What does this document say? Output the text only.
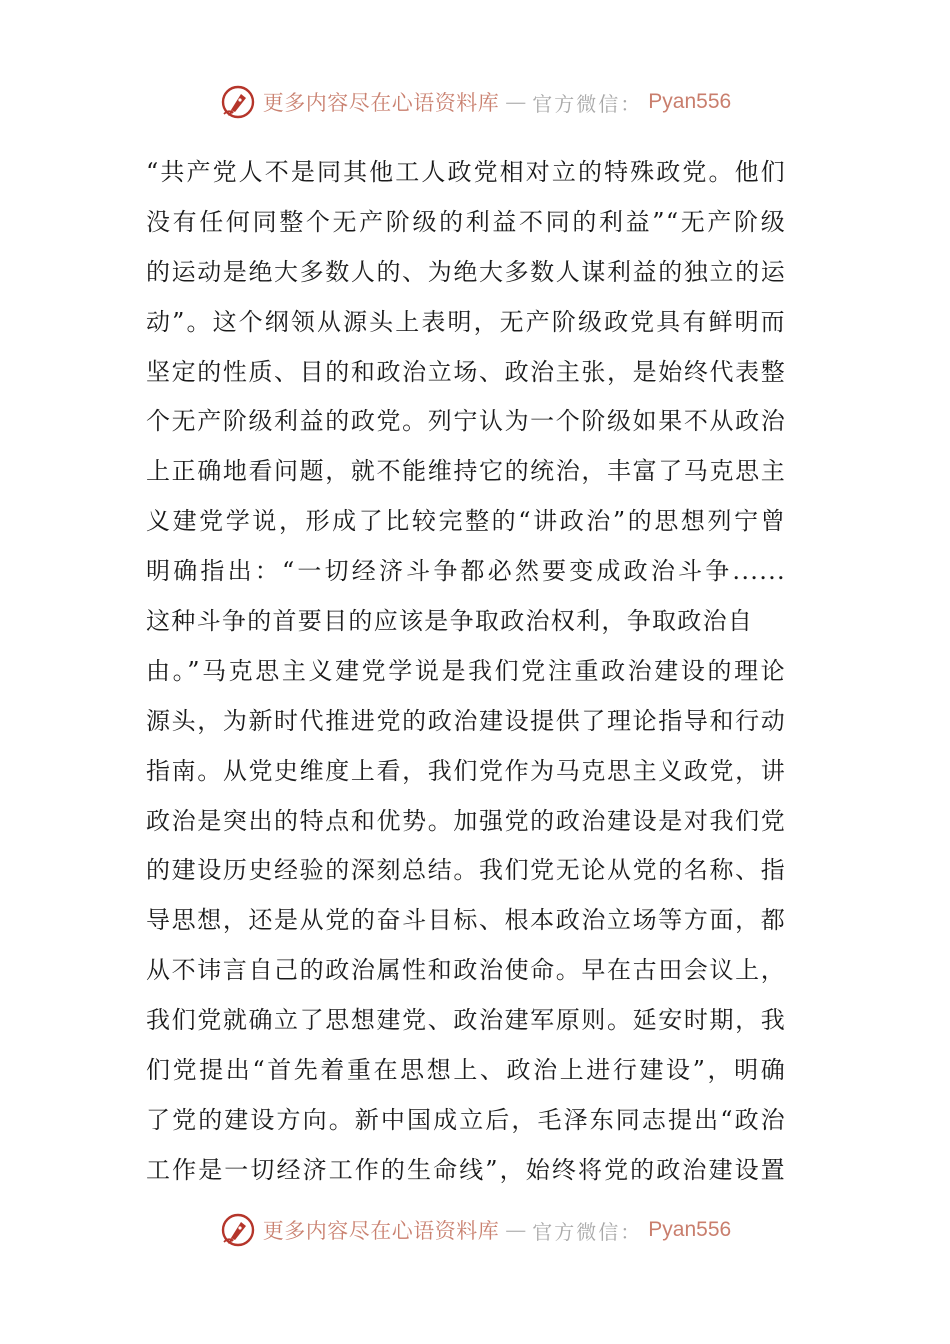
更多内容尽在心语资料库 — 官方微信： Pyan556
“共产党人不是同其他工人政党相对立的特殊政党。他们
没有任何同整个无产阶级的利益不同的利益”“无产阶级
的运动是绝大多数人的、为绝大多数人谋利益的独立的运
动”。这个纲领从源头上表明，无产阶级政党具有鲜明而
坚定的性质、目的和政治立场、政治主张，是始终代表整
个无产阶级利益的政党。列宁认为一个阶级如果不从政治
上正确地看问题，就不能维持它的统治，丰富了马克思主
义建党学说，形成了比较完整的“讲政治”的思想列宁曾
明确指出：“一切经济斗争都必然要变成政治斗争......
这种斗争的首要目的应该是争取政治权利，争取政治自
由。”马克思主义建党学说是我们党注重政治建设的理论
源头，为新时代推进党的政治建设提供了理论指导和行动
指南。从党史维度上看，我们党作为马克思主义政党，讲
政治是突出的特点和优势。加强党的政治建设是对我们党
的建设历史经验的深刻总结。我们党无论从党的名称、指
导思想，还是从党的奋斗目标、根本政治立场等方面，都
从不讳言自己的政治属性和政治使命。早在古田会议上，
我们党就确立了思想建党、政治建军原则。延安时期，我
们党提出“首先着重在思想上、政治上进行建设”，明确
了党的建设方向。新中国成立后，毛泽东同志提出“政治
工作是一切经济工作的生命线”，始终将党的政治建设置
更多内容尽在心语资料库 — 官方微信： Pyan556
